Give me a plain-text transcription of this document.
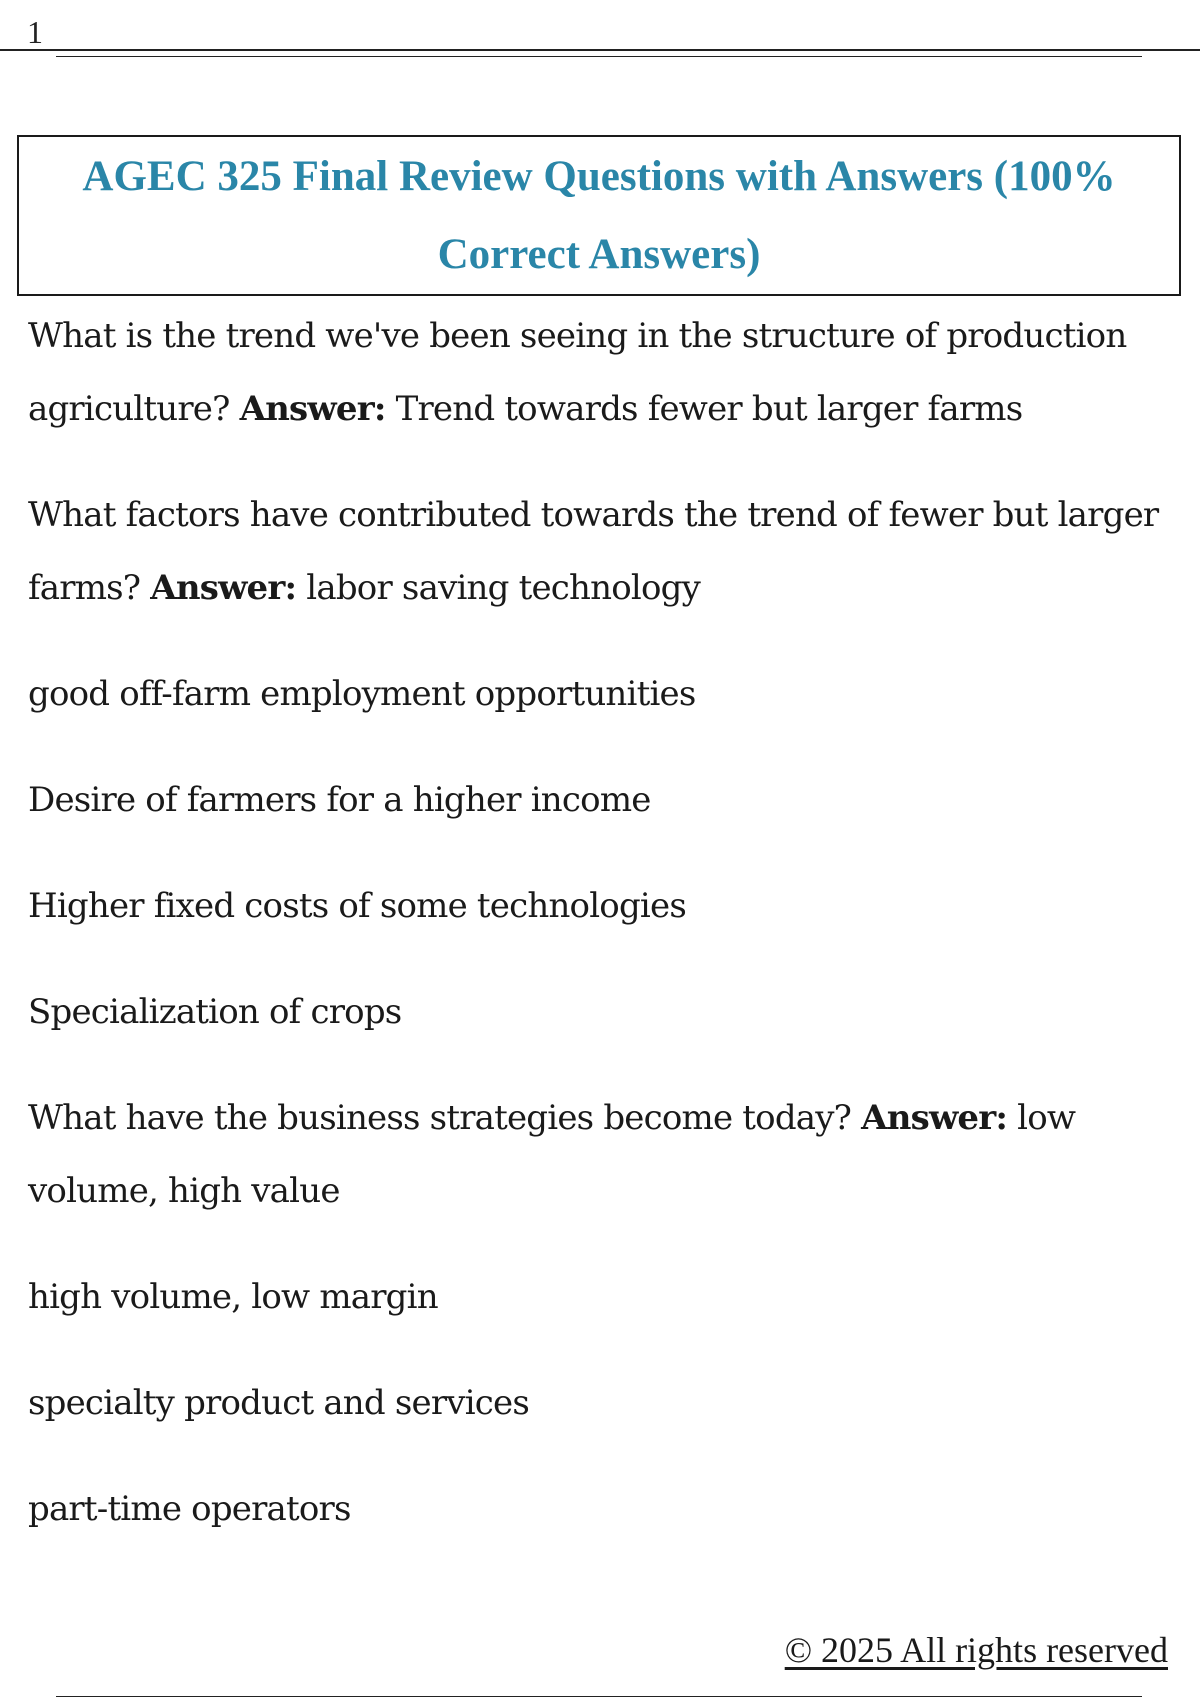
1
AGEC 325 Final Review Questions with Answers (100%
Correct Answers)

What is the trend we've been seeing in the structure of production agriculture? Answer: Trend towards fewer but larger farms

What factors have contributed towards the trend of fewer but larger farms? Answer: labor saving technology

good off-farm employment opportunities

Desire of farmers for a higher income

Higher fixed costs of some technologies

Specialization of crops

What have the business strategies become today? Answer: low volume, high value

high volume, low margin

specialty product and services

part-time operators

© 2025 All rights reserved
